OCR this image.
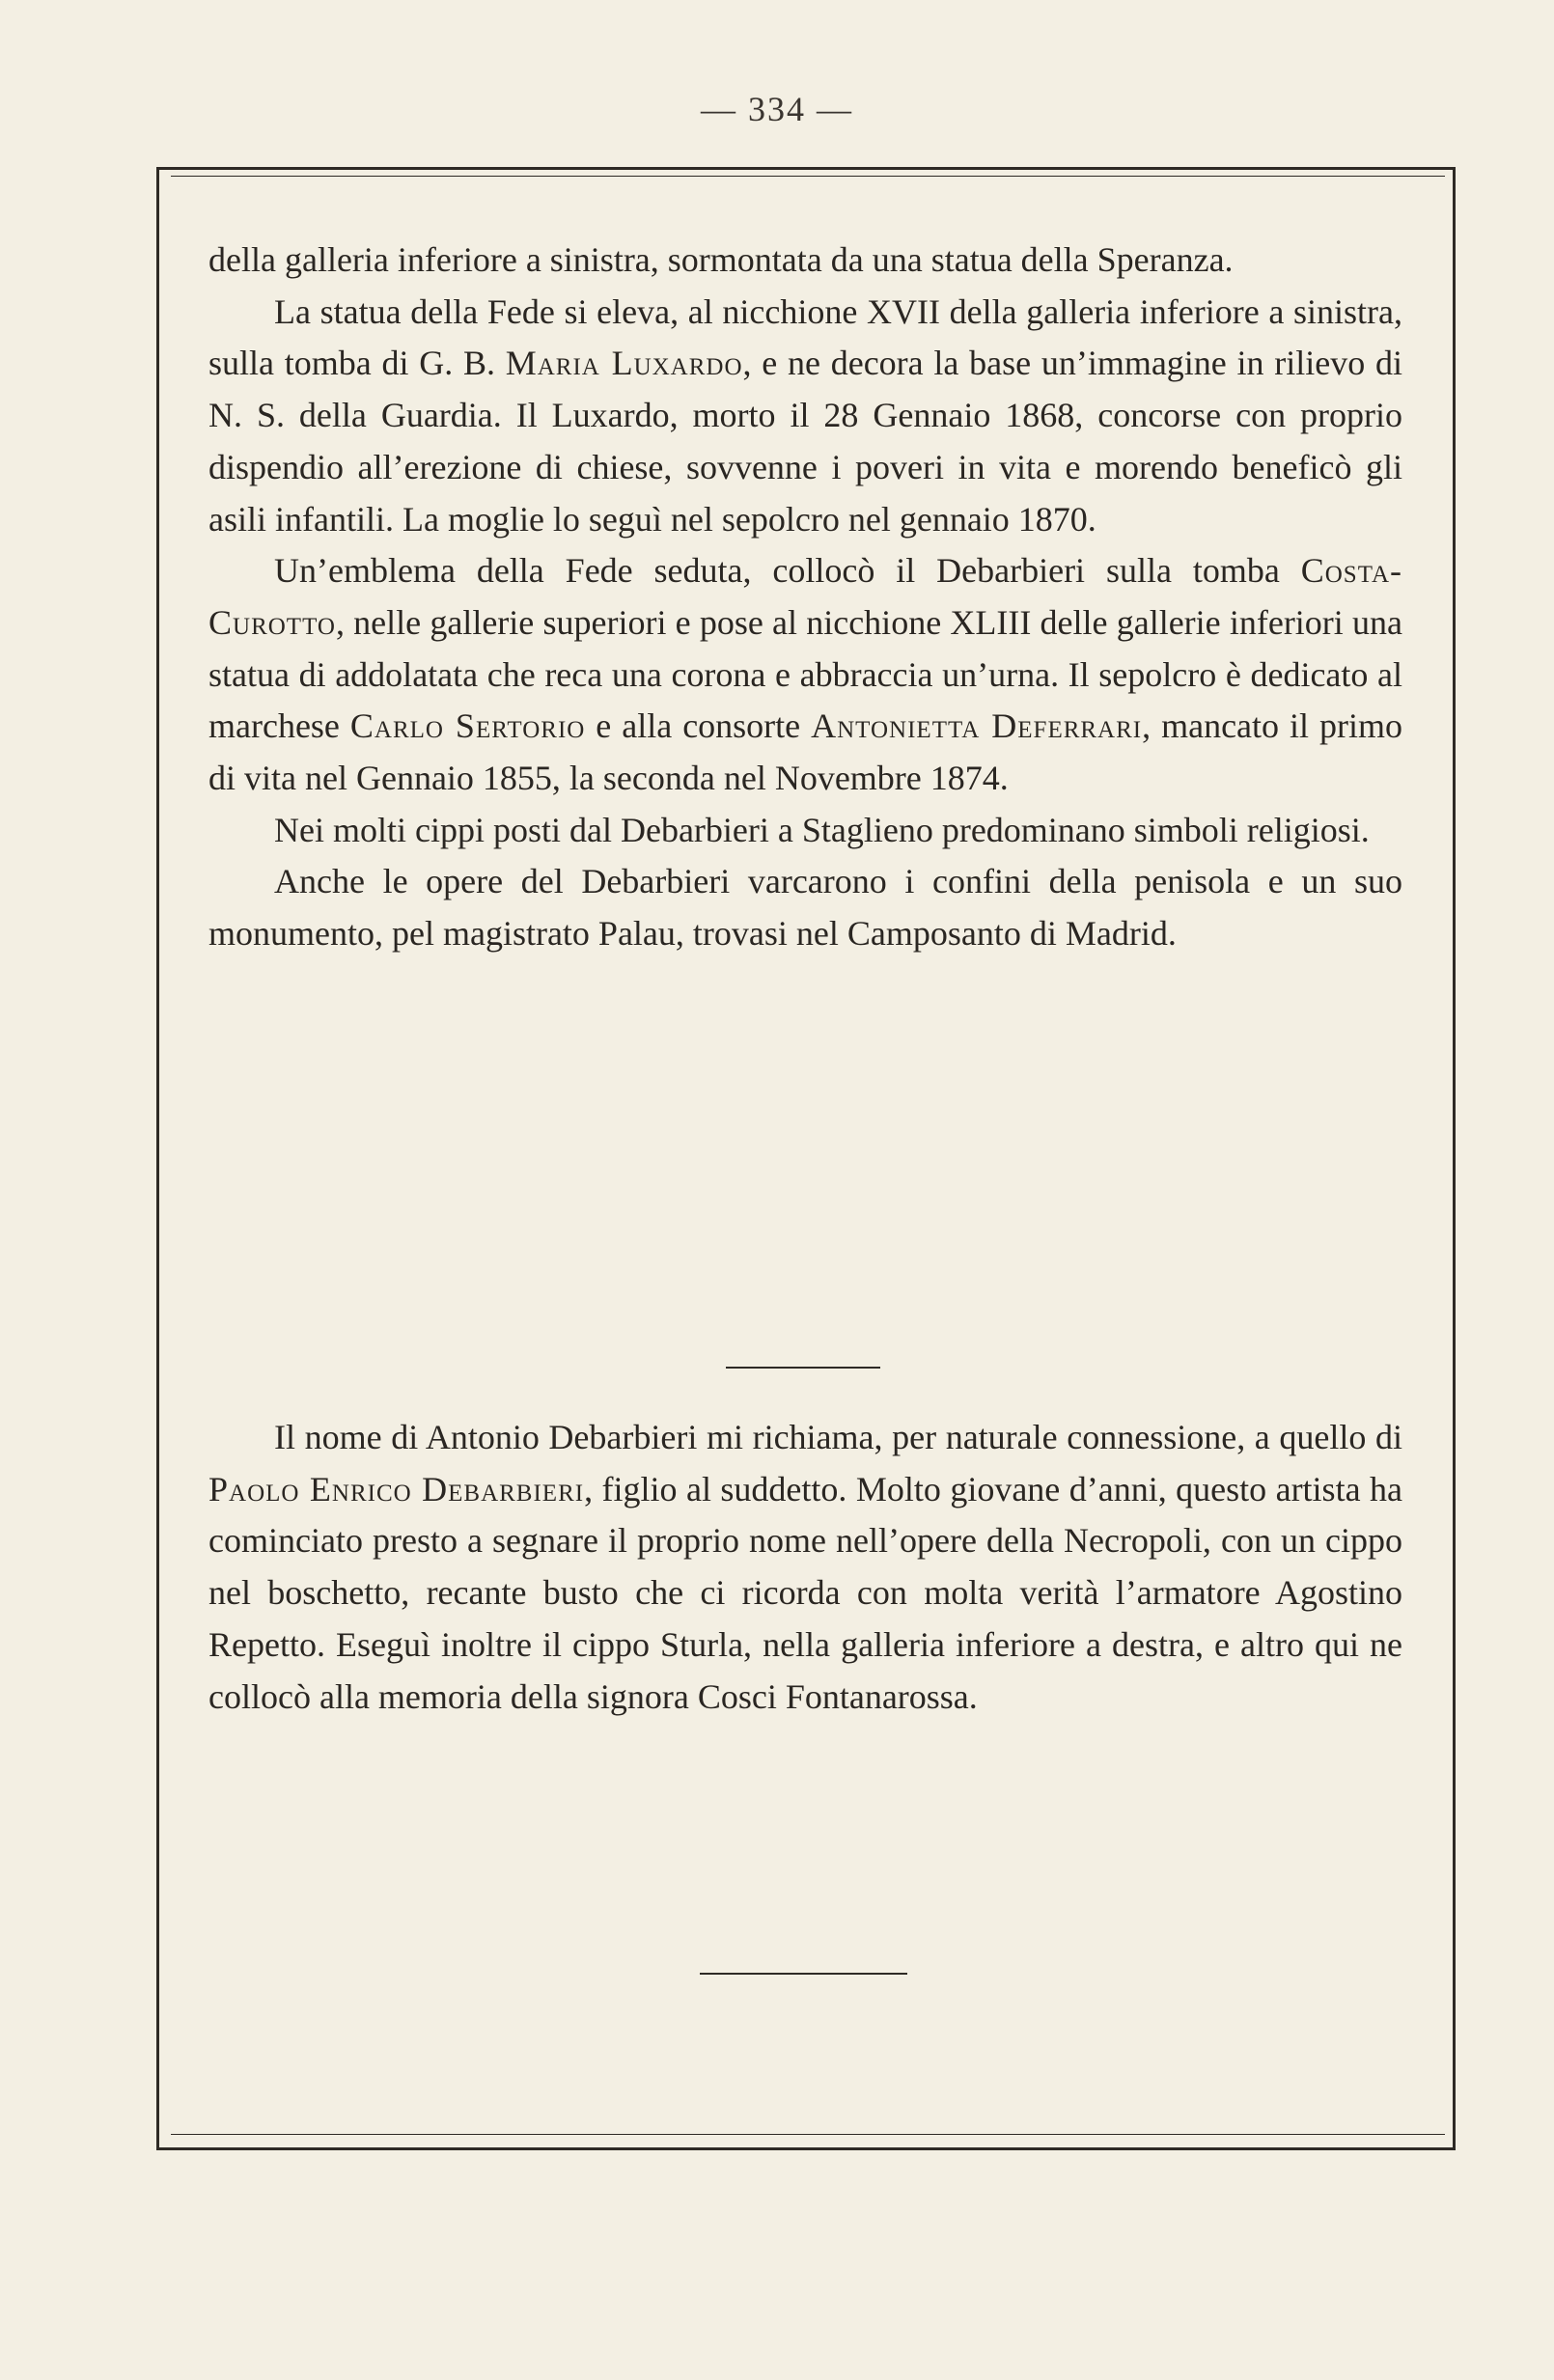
— 334 —

della galleria inferiore a sinistra, sormontata da una statua della Speranza.

La statua della Fede si eleva, al nicchione XVII della galleria inferiore a sinistra, sulla tomba di G. B. Maria Luxardo, e ne decora la base un’immagine in rilievo di N. S. della Guardia. Il Luxardo, morto il 28 Gennaio 1868, concorse con proprio dispendio all’erezione di chiese, sovvenne i poveri in vita e morendo beneficò gli asili infantili. La moglie lo seguì nel sepolcro nel gennaio 1870.

Un’emblema della Fede seduta, collocò il Debarbieri sulla tomba Costa-Curotto, nelle gallerie superiori e pose al nicchione XLIII delle gallerie inferiori una statua di addolatata che reca una corona e abbraccia un’urna. Il sepolcro è dedicato al marchese Carlo Sertorio e alla consorte Antonietta Deferrari, mancato il primo di vita nel Gennaio 1855, la seconda nel Novembre 1874.

Nei molti cippi posti dal Debarbieri a Staglieno predominano simboli religiosi.

Anche le opere del Debarbieri varcarono i confini della penisola e un suo monumento, pel magistrato Palau, trovasi nel Camposanto di Madrid.

Il nome di Antonio Debarbieri mi richiama, per naturale connessione, a quello di Paolo Enrico Debarbieri, figlio al suddetto. Molto giovane d’anni, questo artista ha cominciato presto a segnare il proprio nome nell’opere della Necropoli, con un cippo nel boschetto, recante busto che ci ricorda con molta verità l’armatore Agostino Repetto. Eseguì inoltre il cippo Sturla, nella galleria inferiore a destra, e altro qui ne collocò alla memoria della signora Cosci Fontanarossa.
